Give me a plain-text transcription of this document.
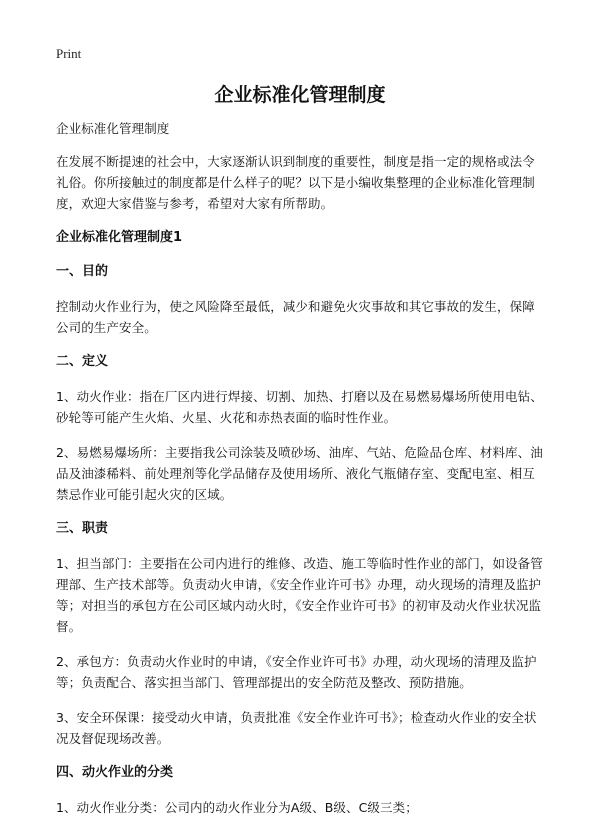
Print
企业标准化管理制度

企业标准化管理制度

在发展不断提速的社会中，大家逐渐认识到制度的重要性，制度是指一定的规格或法令礼俗。你所接触过的制度都是什么样子的呢？以下是小编收集整理的企业标准化管理制度，欢迎大家借鉴与参考，希望对大家有所帮助。

企业标准化管理制度1

一、目的

控制动火作业行为，使之风险降至最低，减少和避免火灾事故和其它事故的发生，保障公司的生产安全。

二、定义

1、动火作业：指在厂区内进行焊接、切割、加热、打磨以及在易燃易爆场所使用电钻、砂轮等可能产生火焰、火星、火花和赤热表面的临时性作业。

2、易燃易爆场所：主要指我公司涂装及喷砂场、油库、气站、危险品仓库、材料库、油品及油漆稀料、前处理剂等化学品储存及使用场所、液化气瓶储存室、变配电室、相互禁忌作业可能引起火灾的区域。

三、职责

1、担当部门：主要指在公司内进行的维修、改造、施工等临时性作业的部门，如设备管理部、生产技术部等。负责动火申请，《安全作业许可书》办理，动火现场的清理及监护等；对担当的承包方在公司区域内动火时，《安全作业许可书》的初审及动火作业状况监督。

2、承包方：负责动火作业时的申请，《安全作业许可书》办理，动火现场的清理及监护等；负责配合、落实担当部门、管理部提出的安全防范及整改、预防措施。

3、安全环保课：接受动火申请，负责批准《安全作业许可书》；检查动火作业的安全状况及督促现场改善。

四、动火作业的分类

1、动火作业分类：公司内的动火作业分为A级、B级、C级三类；
